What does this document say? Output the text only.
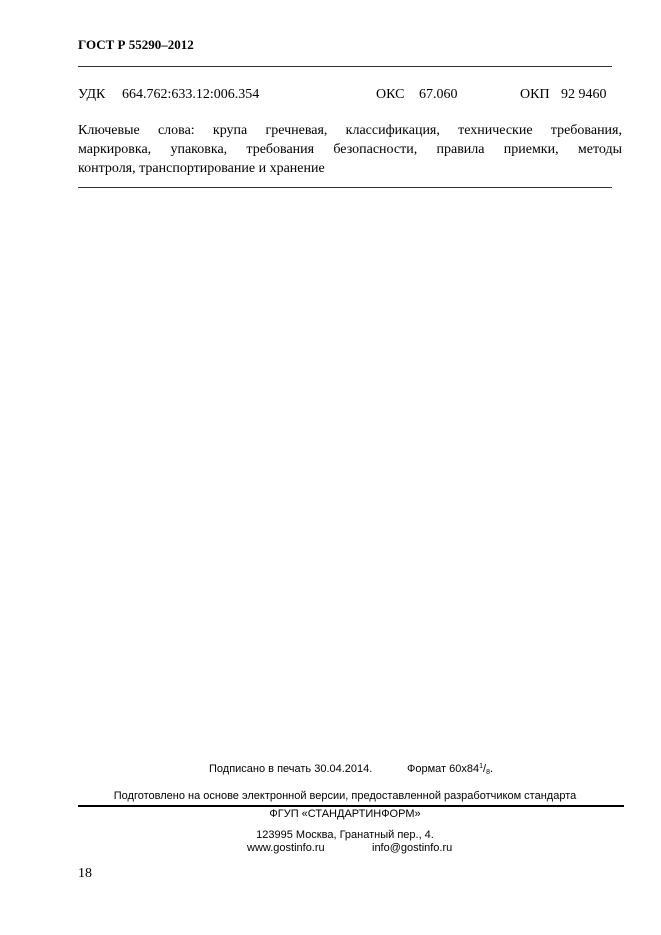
ГОСТ Р 55290–2012
УДК 664.762:633.12:006.354	ОКС 67.060	ОКП 92 9460
Ключевые слова: крупа гречневая, классификация, технические требования,
маркировка, упаковка, требования безопасности, правила приемки, методы
контроля, транспортирование и хранение
Подписано в печать 30.04.2014.	Формат $60х84^1/_8$.
Подготовлено на основе электронной версии, предоставленной разработчиком стандарта
ФГУП «СТАНДАРТИНФОРМ»
123995 Москва, Гранатный пер., 4.
www.gostinfo.ru	info@gostinfo.ru
18
